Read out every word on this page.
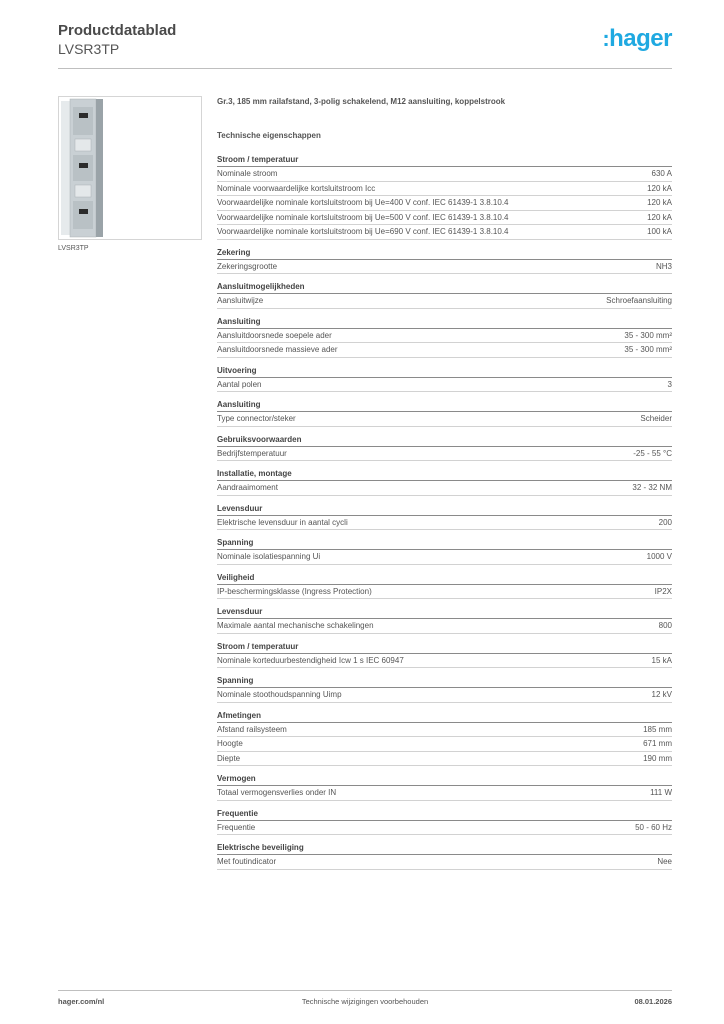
Productdatablad
LVSR3TP	:hager
LVSR3TP
Gr.3, 185 mm railafstand, 3-polig schakelend, M12 aansluiting, koppelstrook
Technische eigenschappen
Stroom / temperatuur
Nominale stroom	630 A
Nominale voorwaardelijke kortsluitstroom Icc	120 kA
Voorwaardelijke nominale kortsluitstroom bij Ue=400 V conf. IEC 61439-1 3.8.10.4	120 kA
Voorwaardelijke nominale kortsluitstroom bij Ue=500 V conf. IEC 61439-1 3.8.10.4	120 kA
Voorwaardelijke nominale kortsluitstroom bij Ue=690 V conf. IEC 61439-1 3.8.10.4	100 kA
Zekering
Zekeringsgrootte	NH3
Aansluitmogelijkheden
Aansluitwijze	Schroefaansluiting
Aansluiting
Aansluitdoorsnede soepele ader	35 - 300 mm²
Aansluitdoorsnede massieve ader	35 - 300 mm²
Uitvoering
Aantal polen	3
Aansluiting
Type connector/steker	Scheider
Gebruiksvoorwaarden
Bedrijfstemperatuur	-25 - 55 °C
Installatie, montage
Aandraaimoment	32 - 32 NM
Levensduur
Elektrische levensduur in aantal cycli	200
Spanning
Nominale isolatiespanning Ui	1000 V
Veiligheid
IP-beschermingsklasse (Ingress Protection)	IP2X
Levensduur
Maximale aantal mechanische schakelingen	800
Stroom / temperatuur
Nominale korteduurbestendigheid Icw 1 s IEC 60947	15 kA
Spanning
Nominale stoothoudspanning Uimp	12 kV
Afmetingen
Afstand railsysteem	185 mm
Hoogte	671 mm
Diepte	190 mm
Vermogen
Totaal vermogensverlies onder IN	111 W
Frequentie
Frequentie	50 - 60 Hz
Elektrische beveiliging
Met foutindicator	Nee
hager.com/nl	Technische wijzigingen voorbehouden	08.01.2026
